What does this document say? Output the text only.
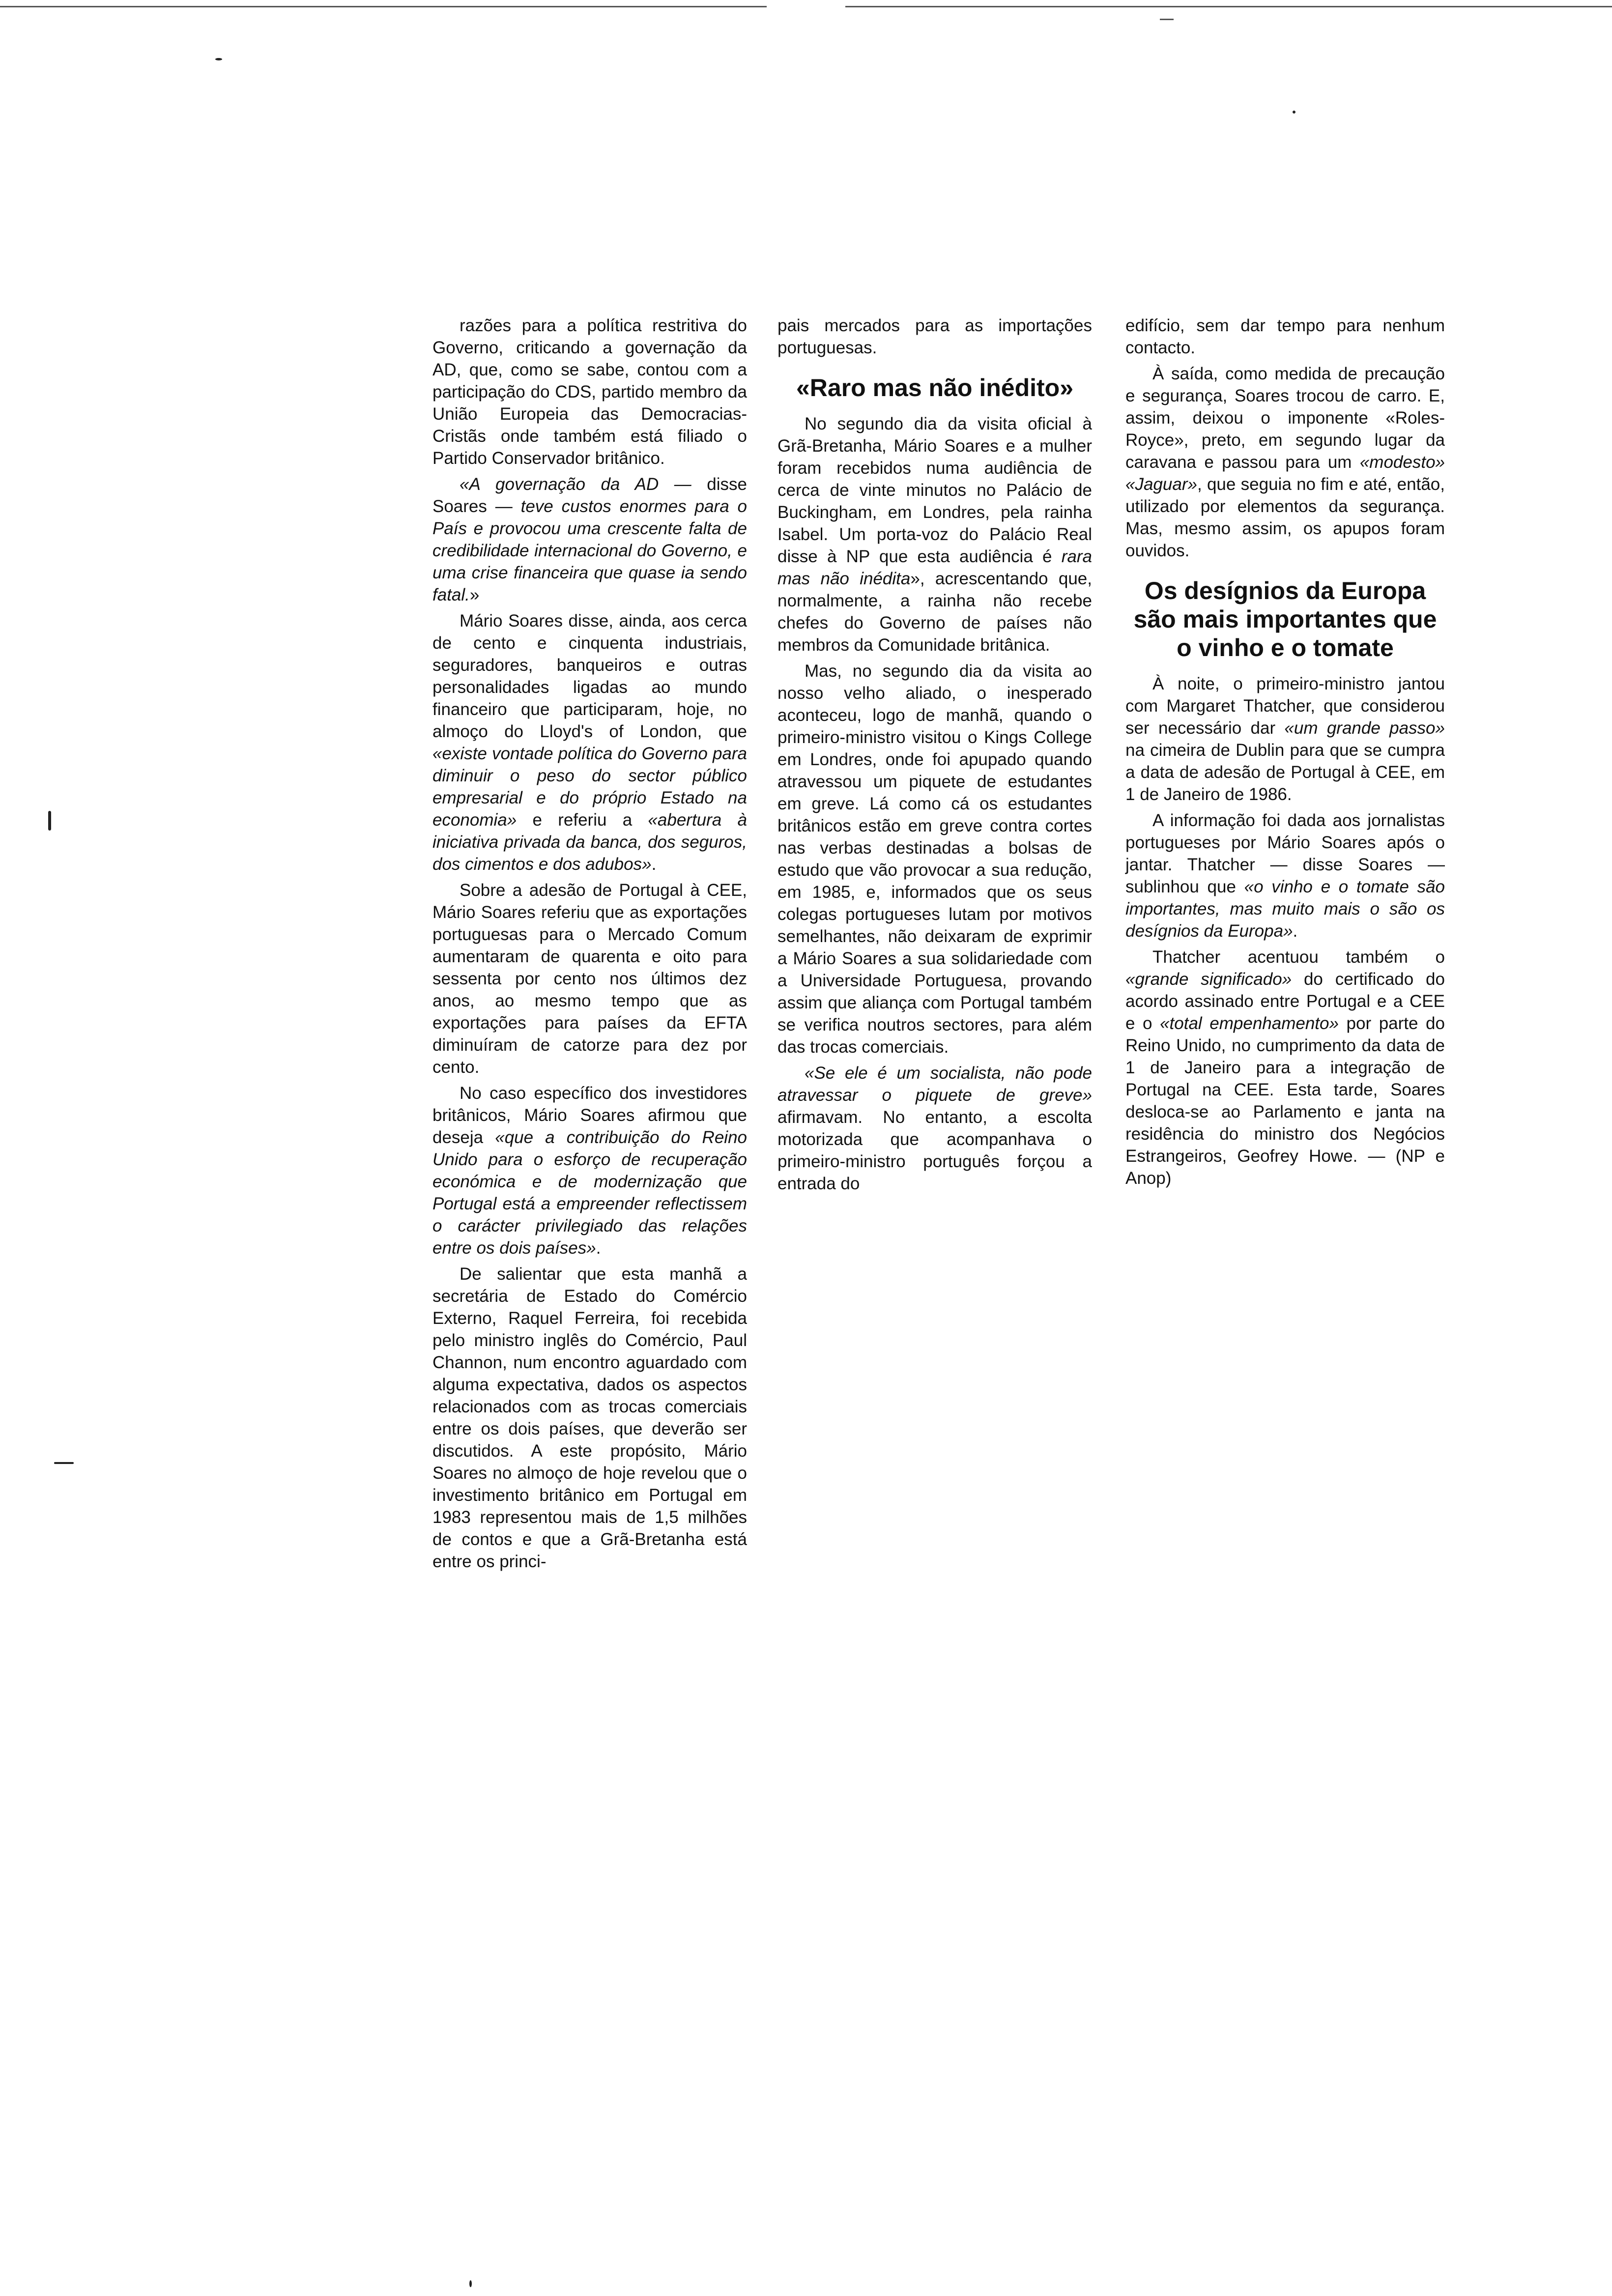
razões para a política restritiva do Governo, criticando a governação da AD, que, como se sabe, contou com a participação do CDS, partido membro da União Europeia das Democracias-Cristãs onde também está filiado o Partido Conservador britânico.

«A governação da AD — disse Soares — teve custos enormes para o País e provocou uma crescente falta de credibilidade internacional do Governo, e uma crise financeira que quase ia sendo fatal.»

Mário Soares disse, ainda, aos cerca de cento e cinquenta industriais, seguradores, banqueiros e outras personalidades ligadas ao mundo financeiro que participaram, hoje, no almoço do Lloyd's of London, que «existe vontade política do Governo para diminuir o peso do sector público empresarial e do próprio Estado na economia» e referiu a «abertura à iniciativa privada da banca, dos seguros, dos cimentos e dos adubos».

Sobre a adesão de Portugal à CEE, Mário Soares referiu que as exportações portuguesas para o Mercado Comum aumentaram de quarenta e oito para sessenta por cento nos últimos dez anos, ao mesmo tempo que as exportações para países da EFTA diminuíram de catorze para dez por cento.

No caso específico dos investidores britânicos, Mário Soares afirmou que deseja «que a contribuição do Reino Unido para o esforço de recuperação económica e de modernização que Portugal está a empreender reflectissem o carácter privilegiado das relações entre os dois países».

De salientar que esta manhã a secretária de Estado do Comércio Externo, Raquel Ferreira, foi recebida pelo ministro inglês do Comércio, Paul Channon, num encontro aguardado com alguma expectativa, dados os aspectos relacionados com as trocas comerciais entre os dois países, que deverão ser discutidos. A este propósito, Mário Soares no almoço de hoje revelou que o investimento britânico em Portugal em 1983 representou mais de 1,5 milhões de contos e que a Grã-Bretanha está entre os princi-

pais mercados para as importações portuguesas.

«Raro mas não inédito»

No segundo dia da visita oficial à Grã-Bretanha, Mário Soares e a mulher foram recebidos numa audiência de cerca de vinte minutos no Palácio de Buckingham, em Londres, pela rainha Isabel. Um porta-voz do Palácio Real disse à NP que esta audiência é rara mas não inédita», acrescentando que, normalmente, a rainha não recebe chefes do Governo de países não membros da Comunidade britânica.

Mas, no segundo dia da visita ao nosso velho aliado, o inesperado aconteceu, logo de manhã, quando o primeiro-ministro visitou o Kings College em Londres, onde foi apupado quando atravessou um piquete de estudantes em greve. Lá como cá os estudantes britânicos estão em greve contra cortes nas verbas destinadas a bolsas de estudo que vão provocar a sua redução, em 1985, e, informados que os seus colegas portugueses lutam por motivos semelhantes, não deixaram de exprimir a Mário Soares a sua solidariedade com a Universidade Portuguesa, provando assim que aliança com Portugal também se verifica noutros sectores, para além das trocas comerciais.

«Se ele é um socialista, não pode atravessar o piquete de greve» afirmavam. No entanto, a escolta motorizada que acompanhava o primeiro-ministro português forçou a entrada do

edifício, sem dar tempo para nenhum contacto.

À saída, como medida de precaução e segurança, Soares trocou de carro. E, assim, deixou o imponente «Roles-Royce», preto, em segundo lugar da caravana e passou para um «modesto» «Jaguar», que seguia no fim e até, então, utilizado por elementos da segurança. Mas, mesmo assim, os apupos foram ouvidos.

Os desígnios da Europa são mais importantes que o vinho e o tomate

À noite, o primeiro-ministro jantou com Margaret Thatcher, que considerou ser necessário dar «um grande passo» na cimeira de Dublin para que se cumpra a data de adesão de Portugal à CEE, em 1 de Janeiro de 1986.

A informação foi dada aos jornalistas portugueses por Mário Soares após o jantar. Thatcher — disse Soares — sublinhou que «o vinho e o tomate são importantes, mas muito mais o são os desígnios da Europa».

Thatcher acentuou também o «grande significado» do certificado do acordo assinado entre Portugal e a CEE e o «total empenhamento» por parte do Reino Unido, no cumprimento da data de 1 de Janeiro para a integração de Portugal na CEE. Esta tarde, Soares desloca-se ao Parlamento e janta na residência do ministro dos Negócios Estrangeiros, Geofrey Howe. — (NP e Anop)
